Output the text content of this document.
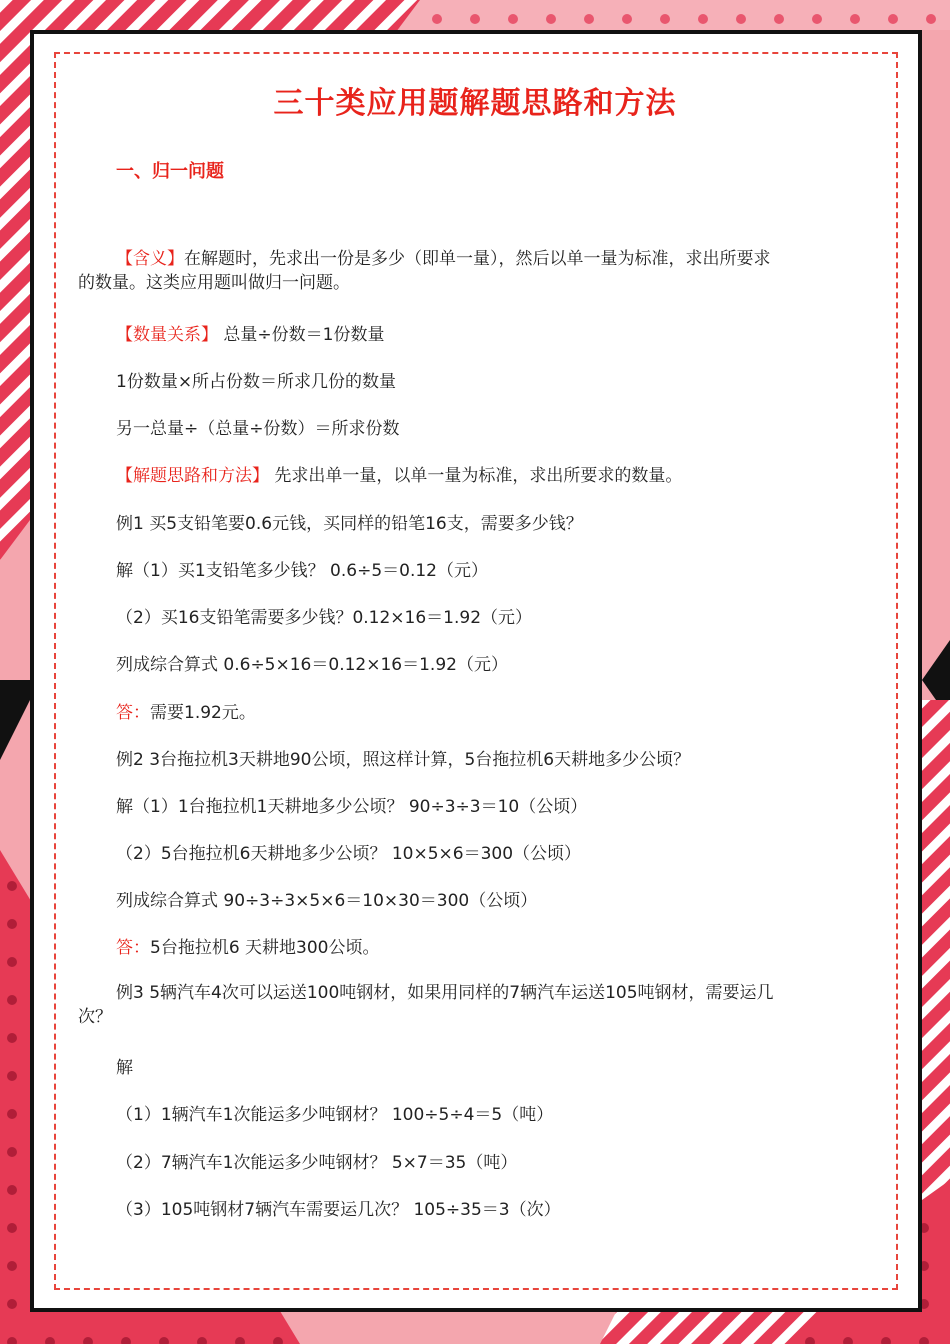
三十类应用题解题思路和方法
一、归一问题
【含义】在解题时，先求出一份是多少（即单一量），然后以单一量为标准，求出所要求的数量。这类应用题叫做归一问题。
【数量关系】 总量÷份数＝1份数量
1份数量×所占份数＝所求几份的数量
另一总量÷（总量÷份数）＝所求份数
【解题思路和方法】 先求出单一量，以单一量为标准，求出所要求的数量。
例1 买5支铅笔要0.6元钱，买同样的铅笔16支，需要多少钱？
解（1）买1支铅笔多少钱？ 0.6÷5＝0.12（元）
（2）买16支铅笔需要多少钱？0.12×16＝1.92（元）
列成综合算式 0.6÷5×16＝0.12×16＝1.92（元）
答：需要1.92元。
例2 3台拖拉机3天耕地90公顷，照这样计算，5台拖拉机6天耕地多少公顷？
解（1）1台拖拉机1天耕地多少公顷？ 90÷3÷3＝10（公顷）
（2）5台拖拉机6天耕地多少公顷？ 10×5×6＝300（公顷）
列成综合算式 90÷3÷3×5×6＝10×30＝300（公顷）
答：5台拖拉机6 天耕地300公顷。
例3 5辆汽车4次可以运送100吨钢材，如果用同样的7辆汽车运送105吨钢材，需要运几次？
解
（1）1辆汽车1次能运多少吨钢材？ 100÷5÷4＝5（吨）
（2）7辆汽车1次能运多少吨钢材？ 5×7＝35（吨）
（3）105吨钢材7辆汽车需要运几次？ 105÷35＝3（次）
